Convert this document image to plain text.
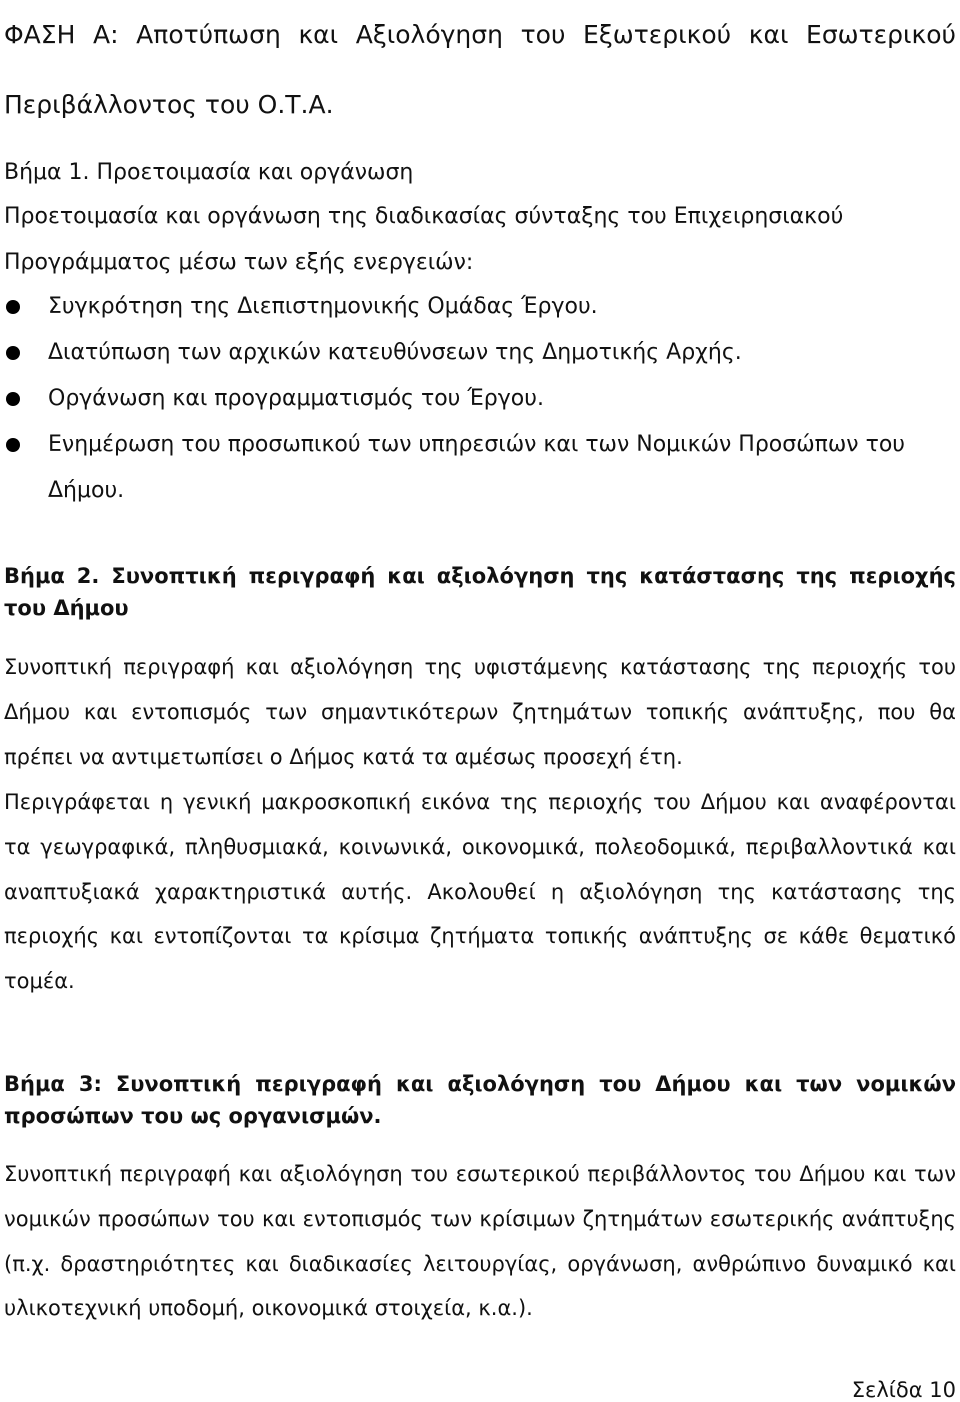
ΦΑΣΗ Α: Αποτύπωση και Αξιολόγηση του Εξωτερικού και Εσωτερικού Περιβάλλοντος του Ο.Τ.Α.
Βήμα 1. Προετοιμασία και οργάνωση
Προετοιμασία και οργάνωση της διαδικασίας σύνταξης του Επιχειρησιακού Προγράμματος μέσω των εξής ενεργειών:
Συγκρότηση της Διεπιστημονικής Ομάδας Έργου.
Διατύπωση των αρχικών κατευθύνσεων της Δημοτικής Αρχής.
Οργάνωση και προγραμματισμός του Έργου.
Ενημέρωση του προσωπικού των υπηρεσιών και των Νομικών Προσώπων του Δήμου.
Βήμα 2. Συνοπτική περιγραφή και αξιολόγηση της κατάστασης της περιοχής του Δήμου
Συνοπτική περιγραφή και αξιολόγηση της υφιστάμενης κατάστασης της περιοχής του Δήμου και εντοπισμός των σημαντικότερων ζητημάτων τοπικής ανάπτυξης, που θα πρέπει να αντιμετωπίσει ο Δήμος κατά τα αμέσως προσεχή έτη.
Περιγράφεται η γενική μακροσκοπική εικόνα της περιοχής του Δήμου και αναφέρονται τα γεωγραφικά, πληθυσμιακά, κοινωνικά, οικονομικά, πολεοδομικά, περιβαλλοντικά και αναπτυξιακά χαρακτηριστικά αυτής. Ακολουθεί η αξιολόγηση της κατάστασης της περιοχής και εντοπίζονται τα κρίσιμα ζητήματα τοπικής ανάπτυξης σε κάθε θεματικό τομέα.
Βήμα 3: Συνοπτική περιγραφή και αξιολόγηση του Δήμου και των νομικών προσώπων του ως οργανισμών.
Συνοπτική περιγραφή και αξιολόγηση του εσωτερικού περιβάλλοντος του Δήμου και των νομικών προσώπων του και εντοπισμός των κρίσιμων ζητημάτων εσωτερικής ανάπτυξης (π.χ. δραστηριότητες και διαδικασίες λειτουργίας, οργάνωση, ανθρώπινο δυναμικό και υλικοτεχνική υποδομή, οικονομικά στοιχεία, κ.α.).
Σελίδα 10
